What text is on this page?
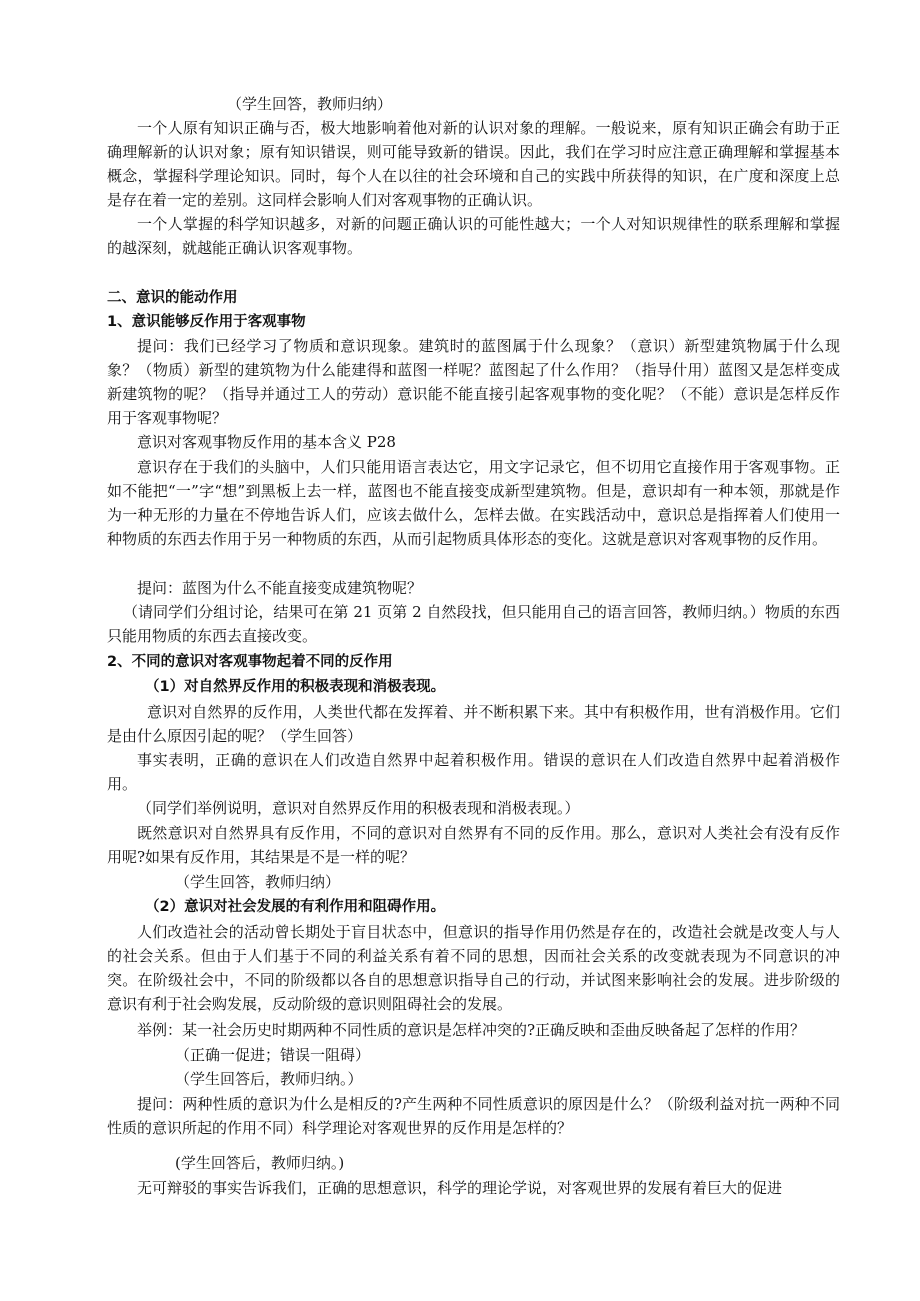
（学生回答，教师归纳）

一个人原有知识正确与否，极大地影响着他对新的认识对象的理解。一般说来，原有知识正确会有助于正确理解新的认识对象；原有知识错误，则可能导致新的错误。因此，我们在学习时应注意正确理解和掌握基本概念，掌握科学理论知识。同时，每个人在以往的社会环境和自己的实践中所获得的知识，在广度和深度上总是存在着一定的差别。这同样会影响人们对客观事物的正确认识。

一个人掌握的科学知识越多，对新的问题正确认识的可能性越大；一个人对知识规律性的联系理解和掌握的越深刻，就越能正确认识客观事物。

二、意识的能动作用

1、意识能够反作用于客观事物

提问：我们已经学习了物质和意识现象。建筑时的蓝图属于什么现象？（意识）新型建筑物属于什么现象？（物质）新型的建筑物为什么能建得和蓝图一样呢？蓝图起了什么作用？（指导什用）蓝图又是怎样变成新建筑物的呢？（指导并通过工人的劳动）意识能不能直接引起客观事物的变化呢？（不能）意识是怎样反作用于客观事物呢？

意识对客观事物反作用的基本含义 P28

意识存在于我们的头脑中，人们只能用语言表达它，用文字记录它，但不切用它直接作用于客观事物。正如不能把“一”字“想”到黑板上去一样，蓝图也不能直接变成新型建筑物。但是，意识却有一种本领，那就是作为一种无形的力量在不停地告诉人们，应该去做什么，怎样去做。在实践活动中，意识总是指挥着人们使用一种物质的东西去作用于另一种物质的东西，从而引起物质具体形态的变化。这就是意识对客观事物的反作用。

提问：蓝图为什么不能直接变成建筑物呢？

（请同学们分组讨论，结果可在第 21 页第 2 自然段找，但只能用自己的语言回答，教师归纳。）物质的东西只能用物质的东西去直接改变。

2、不同的意识对客观事物起着不同的反作用

（1）对自然界反作用的积极表现和消极表现。

意识对自然界的反作用，人类世代都在发挥着、并不断积累下来。其中有积极作用，世有消极作用。它们是由什么原因引起的呢？（学生回答）

事实表明，正确的意识在人们改造自然界中起着积极作用。错误的意识在人们改造自然界中起着消极作用。

（同学们举例说明，意识对自然界反作用的积极表现和消极表现。）

既然意识对自然界具有反作用，不同的意识对自然界有不同的反作用。那么，意识对人类社会有没有反作用呢?如果有反作用，其结果是不是一样的呢？

（学生回答，教师归纳）

（2）意识对社会发展的有利作用和阻碍作用。

人们改造社会的活动曾长期处于盲目状态中，但意识的指导作用仍然是存在的，改造社会就是改变人与人的社会关系。但由于人们基于不同的利益关系有着不同的思想，因而社会关系的改变就表现为不同意识的冲突。在阶级社会中，不同的阶级都以各自的思想意识指导自己的行动，并试图来影响社会的发展。进步阶级的意识有利于社会购发展，反动阶级的意识则阻碍社会的发展。

举例：某一社会历史时期两种不同性质的意识是怎样冲突的?正确反映和歪曲反映备起了怎样的作用？

（正确一促进；错误一阻碍）

（学生回答后，教师归纳。）

提问：两种性质的意识为什么是相反的?产生两种不同性质意识的原因是什么？（阶级利益对抗一两种不同性质的意识所起的作用不同）科学理论对客观世界的反作用是怎样的？

(学生回答后，教师归纳。)

无可辩驳的事实告诉我们，正确的思想意识，科学的理论学说，对客观世界的发展有着巨大的促进
